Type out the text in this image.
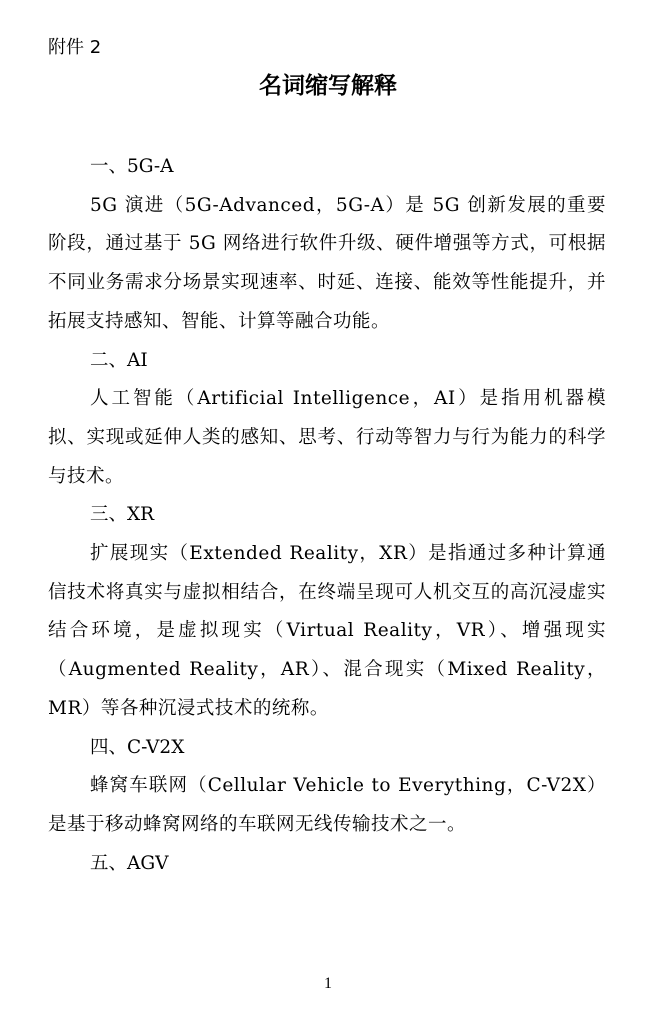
附件 2
名词缩写解释
一、5G-A

5G 演进（5G-Advanced，5G-A）是 5G 创新发展的重要阶段，通过基于 5G 网络进行软件升级、硬件增强等方式，可根据不同业务需求分场景实现速率、时延、连接、能效等性能提升，并拓展支持感知、智能、计算等融合功能。

二、AI

人工智能（Artificial Intelligence，AI）是指用机器模拟、实现或延伸人类的感知、思考、行动等智力与行为能力的科学与技术。

三、XR

扩展现实（Extended Reality，XR）是指通过多种计算通信技术将真实与虚拟相结合，在终端呈现可人机交互的高沉浸虚实结合环境，是虚拟现实（Virtual Reality，VR）、增强现实（Augmented Reality，AR）、混合现实（Mixed Reality，MR）等各种沉浸式技术的统称。

四、C-V2X

蜂窝车联网（Cellular Vehicle to Everything，C-V2X）是基于移动蜂窝网络的车联网无线传输技术之一。

五、AGV
1
